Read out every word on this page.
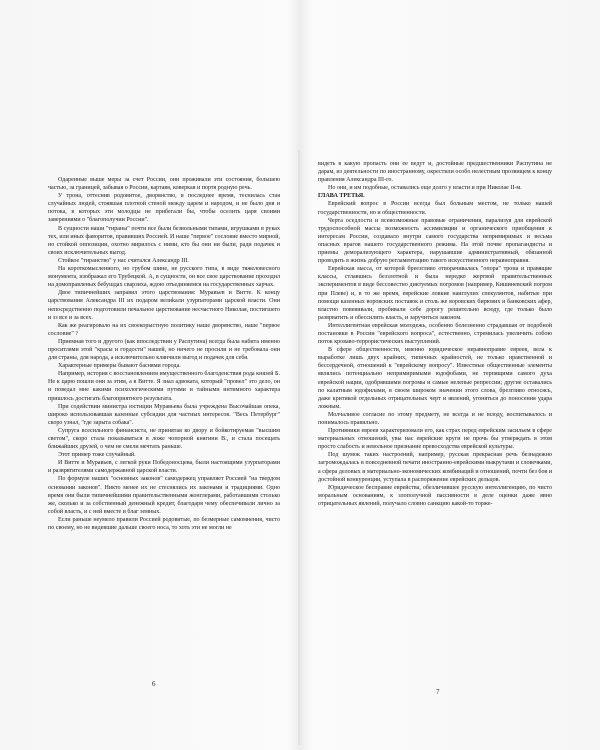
Одаренные выше меры за счет России, они проживали эти состояния, большею частью, за границей, забывая о России, картавя, коверкая и портя родную речь.

У трона, оттеснив родовитое, дворянство, в последнее время, теснилась стая случайных людей, стоявшая плотной стеной между царем и народом, и не было дня и потока, в которых эти молодцы не прибегали бы, чтобы оселить царя своими заверениями о "благополучии России".

В сущности наши "тираны" почти все были безвольными типами, игрушками в руках тех, или иных фаворитов, правивших Россией. И наше "первое" сословие вместо мирной, но стойкой оппозиции, охотно мирилось с ними, кто бы они ни были, ради подачек и своих исключительных выгод.

Стойкое "тиранство" у нас считался Александр III.

На короткомысленного, но грубом шине, не русского типа, в виде тяжеловесного монумента, изображал его Трубецкой. А, в сущности, он все свое царствование проходил на домоправленых бебушдах сварзиха, ждою отъединяемся на государственных харчах.

Двое типичнейших заправил этого царствования: Муравьев и Витте. К концу царствования Александра III их подаром велиkали узурпаторами царской власти. Они непосредственно подготовили печальное царствование несчастного Николая, постигшего и зз все и за всех.

Как же реагировало на их своекорыстную политику наше дворянство, наше "первое сословие" ?

Приемная того и другого (как впоследствии у Распутина) всегда была набита именно проситлями этой "красы и гордости" нашей, но ничего не просили и не требовала они для страны, для народа, а исключительно клянчили выгод и подачек для себя.

Характерные примеры бывают баснями города.

Например, история с восстановлением имущественного благоденствия рода князей Б. Не к царю пошли они за этим, а в Витте. Я знал адвоката, который "провел" это дело, он и поведал мне какими психологическими путями и тайными интимного характера пришлось достигать благоприятного результата.

При содействии министра юстиции Муравьева была учреждена Высочайшая опека, широко использовавшая казенные субсидии для частных интересов. "Весь Петербург" скоро узнал, "где зарыта собака".

Супруга всесильного финансиста, не принятая ко двору и бойкотируемая "высшим светом", скоро стала показываться в ложе чопорной княгини В., и стала посещать ближайших друзей, о чем не смели мечтать раньше.

Этот пример тоже случайный.

И Витте и Муравьев, с легкой руки Победоносцева, были настоящими узурпаторами и разврвтителями самодержавной царской власти.

По формуле наших "основных законов" самодержец управляет Россией "на твердом основании законов". Никто менее их не стеснялись их законами и традициями. Одно время они были типичнейшими правительственными жонглерами, работавшими столько же, сколько и за собственный денежный кредит, благодаря чему обеспечивали лично за собой власть, и с ней вместе и благ земных.

Если раньше неумело правили Россией родовитые, по безмерные самомнения, чисто по своему, но не видевшие дальше своего носа, то хоть эти не могли не

6

видеть в какую пропасть они ее ведут и, достойные предшественники Распутина не дарам, из деятельности по иностранному, окрестили особо нелестным прозвищем к концу правления Александра III-го.

Но они, и им подобные, оставались еще долго у власти и при Николае II-м.

ГЛАВА ТРЕТЬЯ.

Еврейский вопрос в России всегда был больным местом, не только нашей государственности, но и общественности.

Черта оседлости и всевозможные правовые ограничения, парализуя для еврейской трудоспособной массы возможность ассимиляции и органического приобщения к интересам России, создавало внутри самого государства непримиримых и весьма опасных врагов нашего государственного режима. На этой почве пропагандисты и приемы деморализующего характера, нарушавшие административный, обязанной проводить в жизнь добрую регламентацию такого искусственного неравноправия.

Еврейская масса, от которой бреезгливо отворачивалась "опора" трона и правящие классы, стлавшись беззлотной и была нередко жертвой правительственных экспериментов в виде бессовестно диктуемых погромов (например, Кишиневский погром при Плеве) и, в то же время, еврейские ловкие наиглулих спекулянтов, набитые при помощи казенных воровских поставок и столь же воровских бирювих и банковских афер, властно повевивали, пробивали себе дорогу решительно всюду, где только было разврватить и обессилить власть, и заручиться законом.

Интеллигентная еврейская молодежь, особенно болезненно страдавшая от подобной постановки в России "еврейского вопроса", естественно, стремилась увеличить собою поток кроваво-террористических выступлений.

В сфере общественности, именно юридическое неравноправие евреев, вела к выработке лишь двух крайних, типичных крайностей, не только нравственной и бессердечной, отношений к "еврейскому вопросу". Известные общественные элементы являлись потенциально непримиримыми юдофобами, не терпящими самого духа еврейской нации, одобрявшими погромы и самые нелепые репрессии; другие оставались по калатным юдофилами, в своем широком значении этого слова, брезгливо относясь, даже критикой отдельных отрицательных черт и явлений, угоняться до поносения удара ложным.

Молчаливое согласие по этому предмету, не всегда и не всюду, воспитывалось и понималось правильно.

Противники евреев характеризовали его, как страх перед еврейским засильем в сфере материальных отношений, увы нас еврейские круги не прочь бы утверждать в этом просто слабость и невольное признание превосходства еврейской культуры.

Под шумок таких настроений, например, русская прекрасная речь безнадежно загромождалась в повседневной печати иностранно-еврейскими выкрутами и словечками, а сфера деловых и материально-экономических комбинаций и отношений, почти без боя и достойной конкуренции, уступала в распоряжение еврейских дельцов.

Юридическое бесправие еврейства, обезличившее русскую интеллигенцию, по чисто моральным основаниям, к злополучной пассивности в деле оценки даже явно отрицательных явлений, получало словно санкцию какой-то торже-

7
